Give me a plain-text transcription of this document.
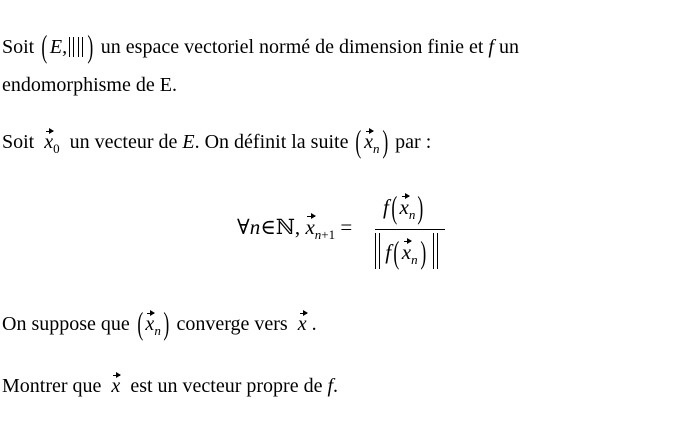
Soit ( E, ) un espace vectoriel normé de dimension finie et f un
endomorphisme de E.
Soit $x_0$ un vecteur de E. On définit la suite ( $x_n$) par :
∀n∈ℕ, $x_{n+1}$ =
f( $x_n$)
f( $x_n$)
On suppose que ( $x_n$) converge vers x .
Montrer que x est un vecteur propre de f.
